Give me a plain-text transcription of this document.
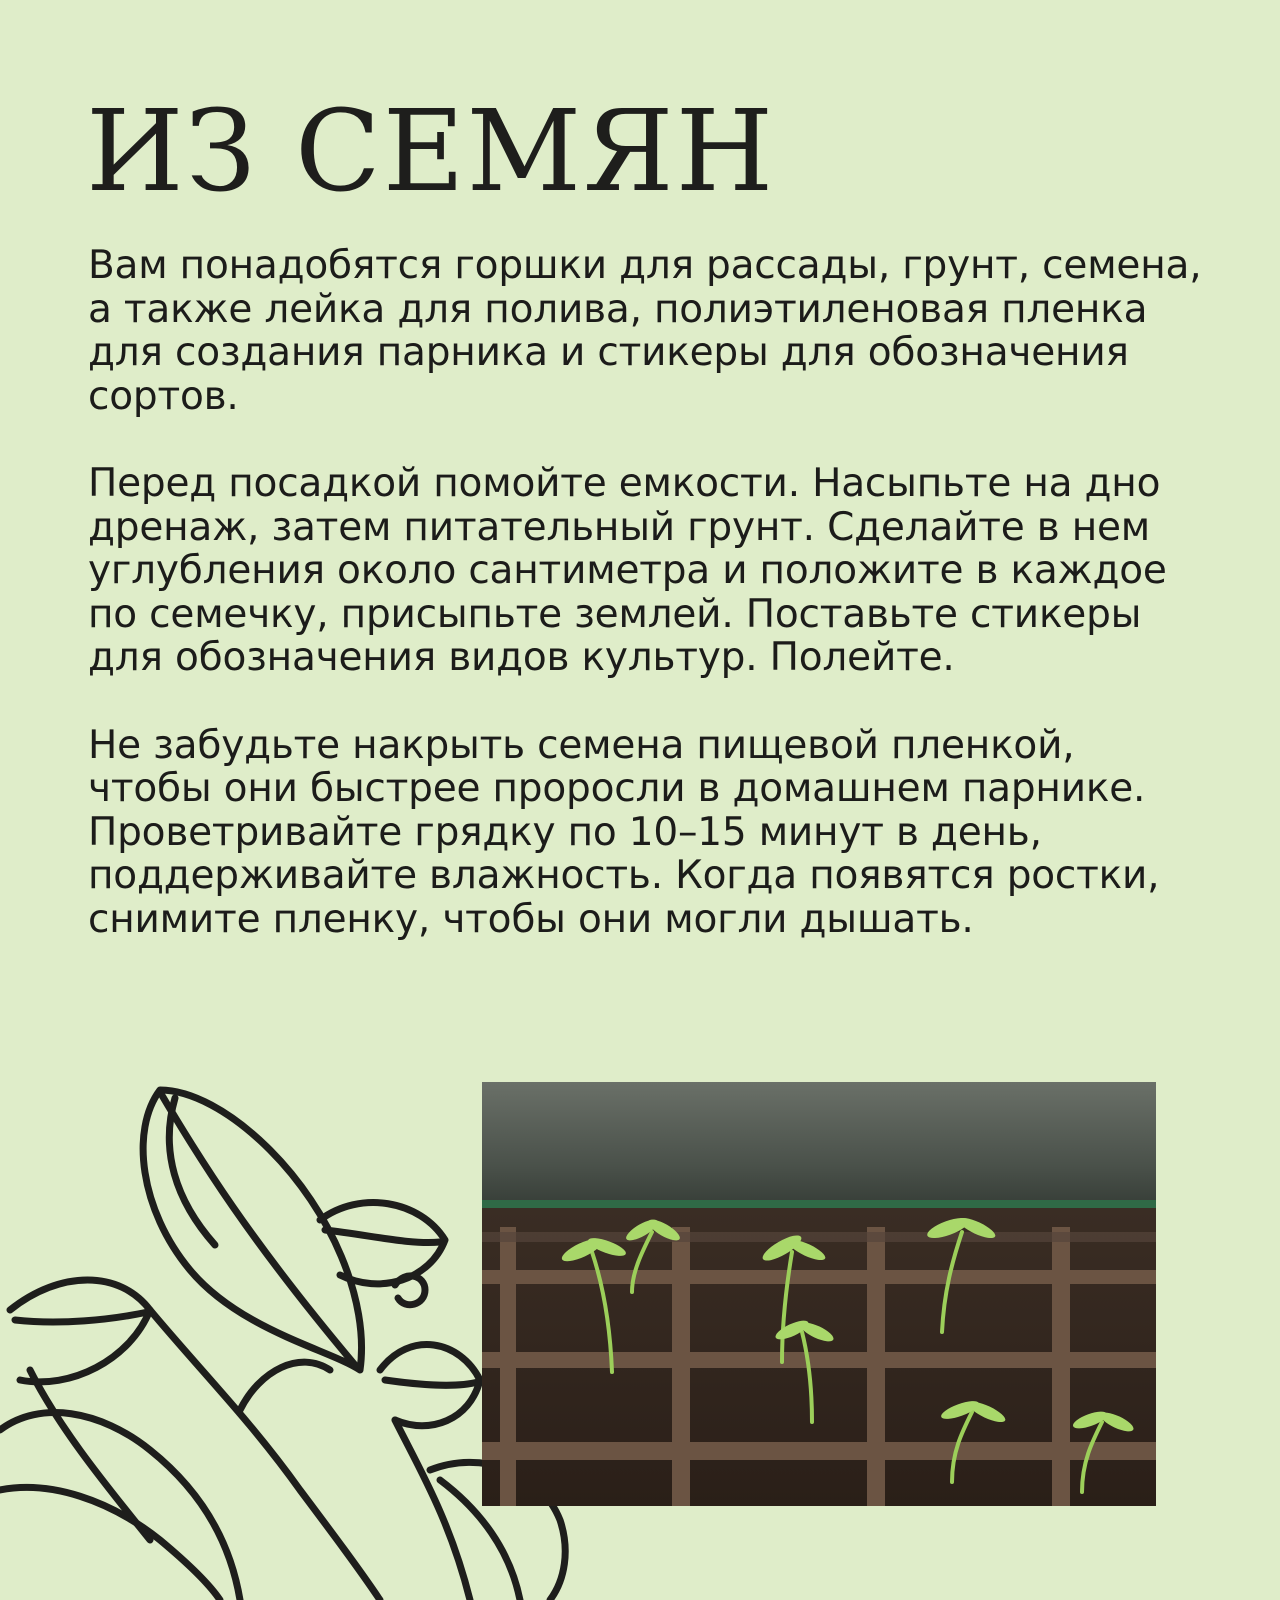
ИЗ СЕМЯН

Вам понадобятся горшки для рассады, грунт, семена, а также лейка для полива, полиэтиленовая пленка для создания парника и стикеры для обозначения сортов.

Перед посадкой помойте емкости. Насыпьте на дно дренаж, затем питательный грунт. Сделайте в нем углубления около сантиметра и положите в каждое по семечку, присыпьте землей. Поставьте стикеры для обозначения видов культур. Полейте.

Не забудьте накрыть семена пищевой пленкой, чтобы они быстрее проросли в домашнем парнике. Проветривайте грядку по 10–15 минут в день, поддерживайте влажность. Когда появятся ростки, снимите пленку, чтобы они могли дышать.
